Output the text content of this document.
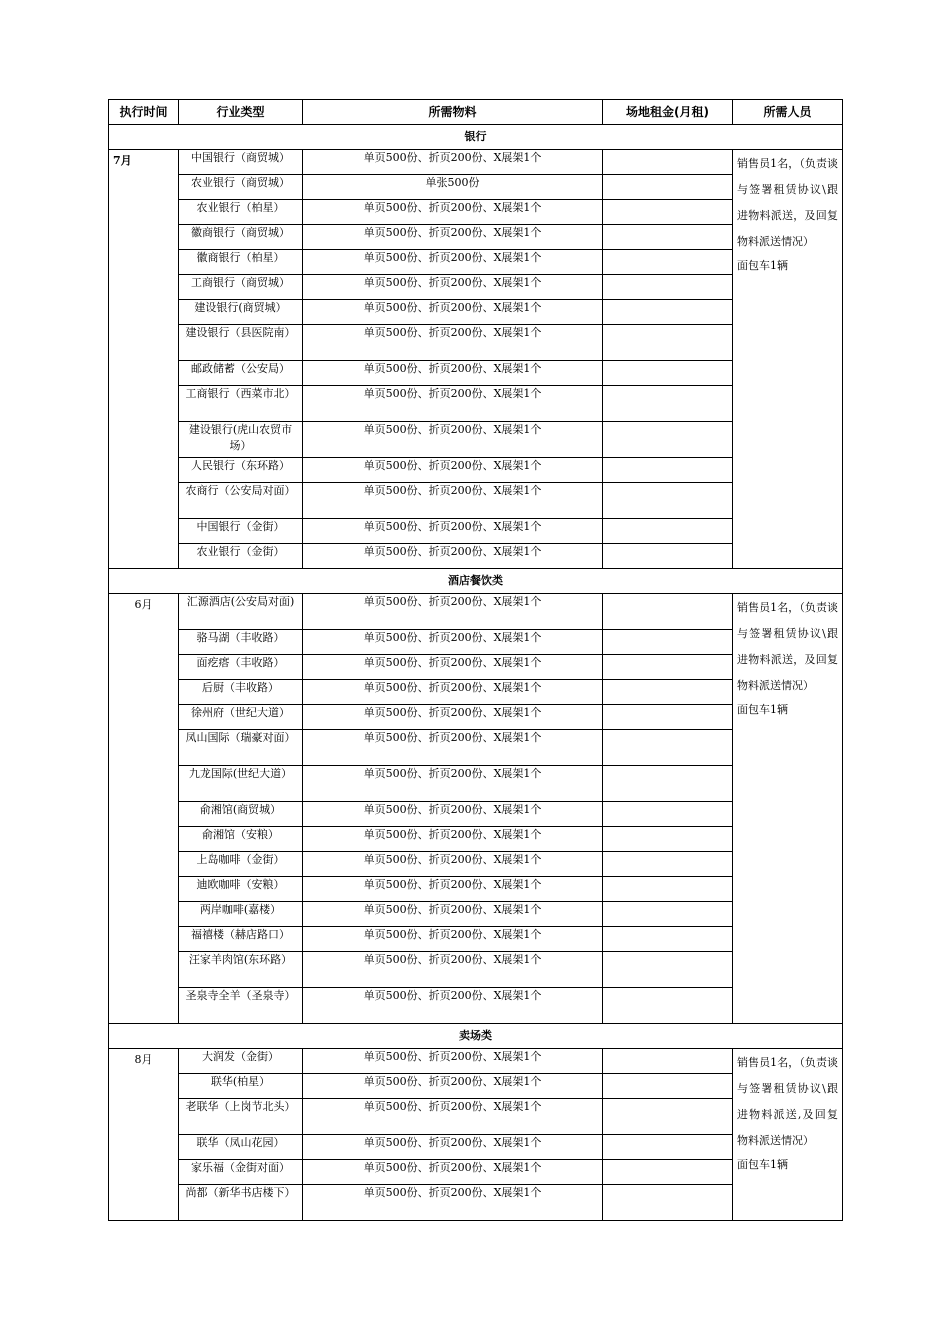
执行时间	行业类型	所需物料	场地租金(月租)	所需人员
银行				
7月	中国银行（商贸城）	单页500份、折页200份、X展架1个		销售员1名，（负责谈与签署租赁协议\跟进物料派送，及回复物料派送情况）
面包车1辆

	农业银行（商贸城）	单张500份		
	农业银行（柏星）	单页500份、折页200份、X展架1个		
	徽商银行（商贸城）	单页500份、折页200份、X展架1个		
	徽商银行（柏星）	单页500份、折页200份、X展架1个		
	工商银行（商贸城）	单页500份、折页200份、X展架1个		
	建设银行(商贸城）	单页500份、折页200份、X展架1个		
	建设银行（县医院南）	单页500份、折页200份、X展架1个		
	邮政储蓄（公安局）	单页500份、折页200份、X展架1个		
	工商银行（西菜市北）	单页500份、折页200份、X展架1个		
	建设银行(虎山农贸市场）	单页500份、折页200份、X展架1个		
	人民银行（东环路）	单页500份、折页200份、X展架1个		
	农商行（公安局对面）	单页500份、折页200份、X展架1个		
	中国银行（金街）	单页500份、折页200份、X展架1个		
	农业银行（金街）	单页500份、折页200份、X展架1个		
酒店餐饮类				
6月	汇源酒店(公安局对面)	单页500份、折页200份、X展架1个		销售员1名，（负责谈与签署租赁协议\跟进物料派送，及回复物料派送情况）
面包车1辆

	骆马湖（丰收路）	单页500份、折页200份、X展架1个		
	面疙瘩（丰收路）	单页500份、折页200份、X展架1个		
	后厨（丰收路）	单页500份、折页200份、X展架1个		
	徐州府（世纪大道）	单页500份、折页200份、X展架1个		
	凤山国际（瑞豪对面）	单页500份、折页200份、X展架1个		
	九龙国际(世纪大道）	单页500份、折页200份、X展架1个		
	俞湘馆(商贸城）	单页500份、折页200份、X展架1个		
	俞湘馆（安粮）	单页500份、折页200份、X展架1个		
	上岛咖啡（金街）	单页500份、折页200份、X展架1个		
	迪欧咖啡（安粮）	单页500份、折页200份、X展架1个		
	两岸咖啡(嘉楼）	单页500份、折页200份、X展架1个		
	福禧楼（赫店路口）	单页500份、折页200份、X展架1个		
	汪家羊肉馆(东环路）	单页500份、折页200份、X展架1个		
	圣泉寺全羊（圣泉寺）	单页500份、折页200份、X展架1个		
卖场类				
8月	大润发（金街）	单页500份、折页200份、X展架1个		销售员1名，（负责谈与签署租赁协议\跟进物料派送,及回复物料派送情况）
面包车1辆

	联华(柏星）	单页500份、折页200份、X展架1个		
	老联华（上岗节北头）	单页500份、折页200份、X展架1个		
	联华（凤山花园）	单页500份、折页200份、X展架1个		
	家乐福（金街对面）	单页500份、折页200份、X展架1个		
	尚都（新华书店楼下）	单页500份、折页200份、X展架1个		
